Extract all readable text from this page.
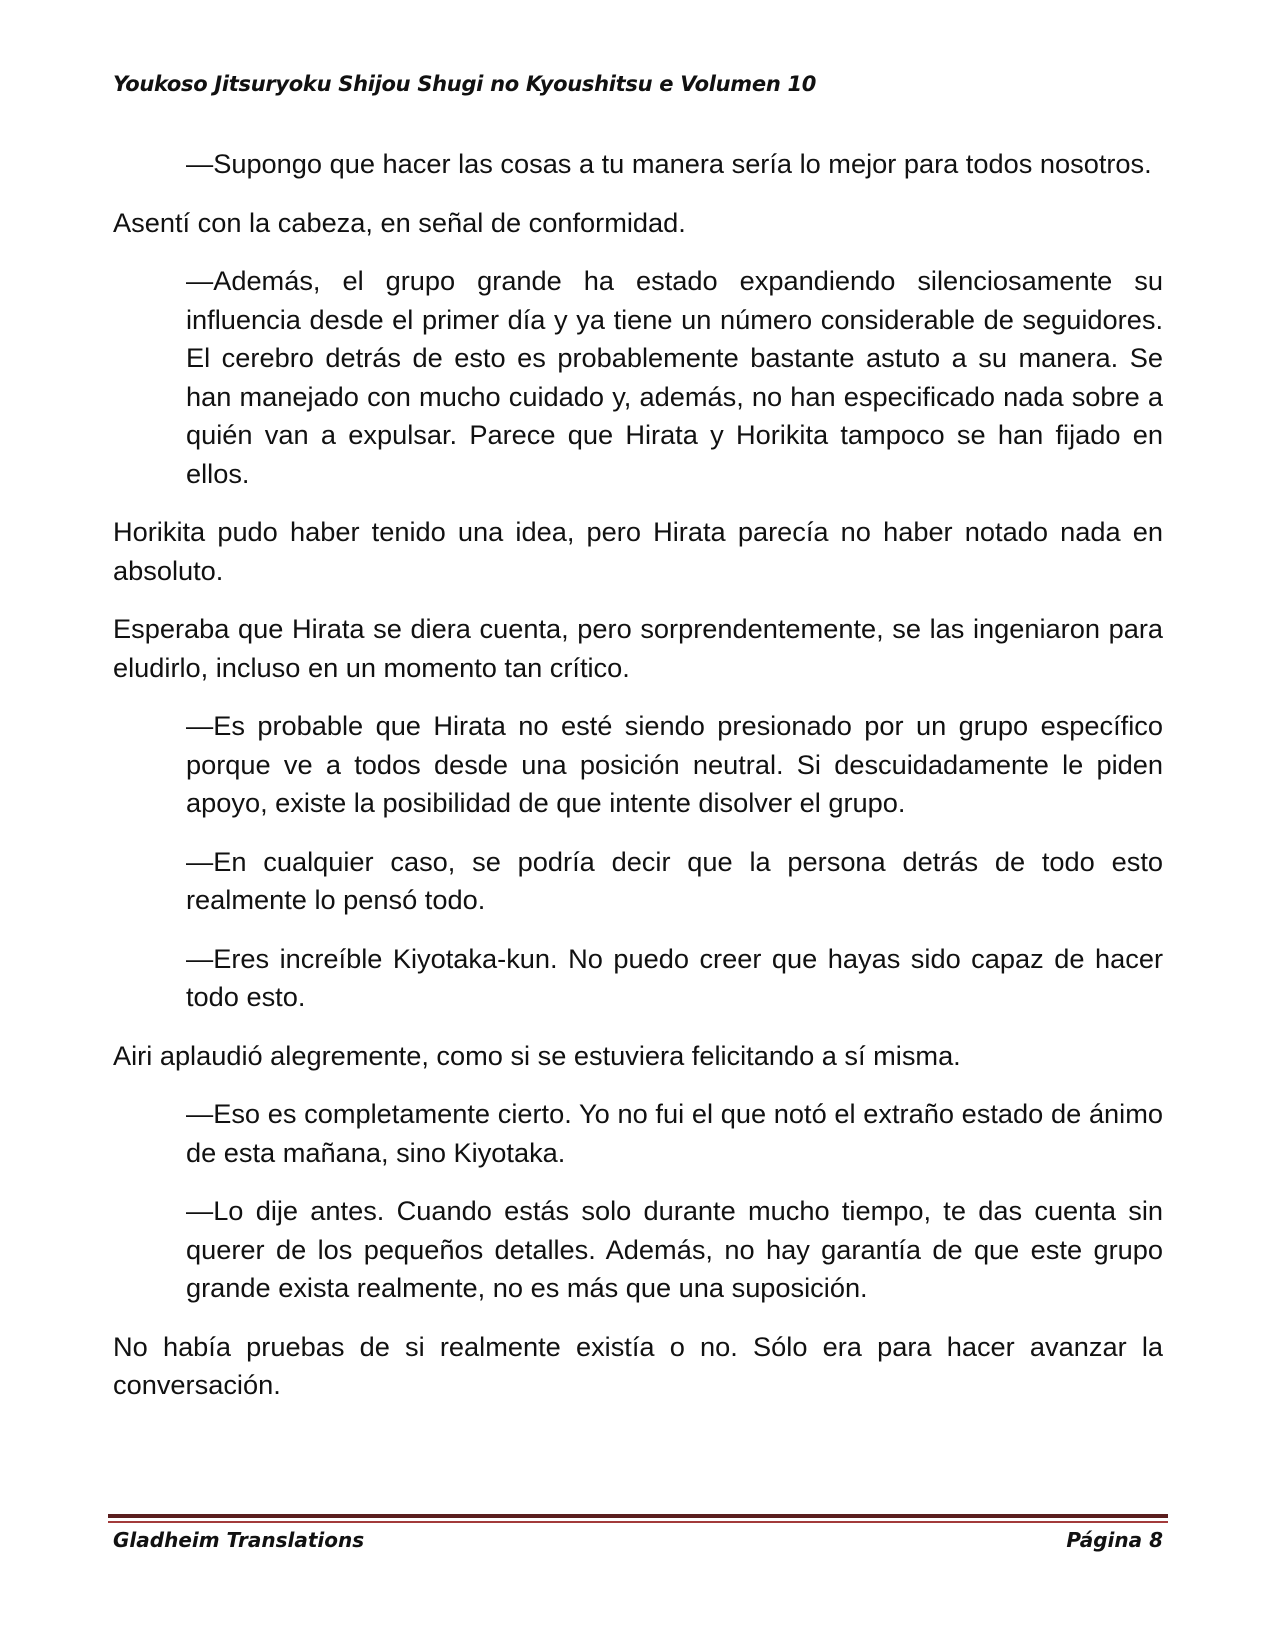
Youkoso Jitsuryoku Shijou Shugi no Kyoushitsu e Volumen 10

—Supongo que hacer las cosas a tu manera sería lo mejor para todos nosotros.

Asentí con la cabeza, en señal de conformidad.

—Además, el grupo grande ha estado expandiendo silenciosamente su influencia desde el primer día y ya tiene un número considerable de seguidores. El cerebro detrás de esto es probablemente bastante astuto a su manera. Se han manejado con mucho cuidado y, además, no han especificado nada sobre a quién van a expulsar. Parece que Hirata y Horikita tampoco se han fijado en ellos.

Horikita pudo haber tenido una idea, pero Hirata parecía no haber notado nada en absoluto.

Esperaba que Hirata se diera cuenta, pero sorprendentemente, se las ingeniaron para eludirlo, incluso en un momento tan crítico.

—Es probable que Hirata no esté siendo presionado por un grupo específico porque ve a todos desde una posición neutral. Si descuidadamente le piden apoyo, existe la posibilidad de que intente disolver el grupo.

—En cualquier caso, se podría decir que la persona detrás de todo esto realmente lo pensó todo.

—Eres increíble Kiyotaka-kun. No puedo creer que hayas sido capaz de hacer todo esto.

Airi aplaudió alegremente, como si se estuviera felicitando a sí misma.

—Eso es completamente cierto. Yo no fui el que notó el extraño estado de ánimo de esta mañana, sino Kiyotaka.

—Lo dije antes. Cuando estás solo durante mucho tiempo, te das cuenta sin querer de los pequeños detalles. Además, no hay garantía de que este grupo grande exista realmente, no es más que una suposición.

No había pruebas de si realmente existía o no. Sólo era para hacer avanzar la conversación.

Gladheim Translations	Página 8
